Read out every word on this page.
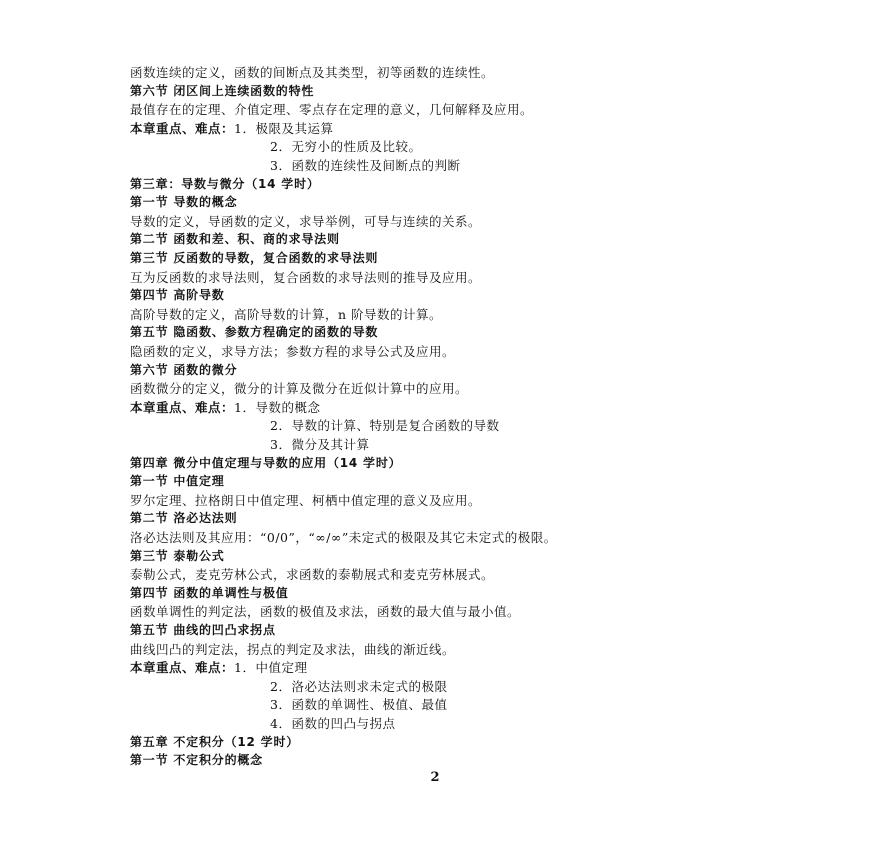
函数连续的定义，函数的间断点及其类型，初等函数的连续性。
第六节 闭区间上连续函数的特性
最值存在的定理、介值定理、零点存在定理的意义，几何解释及应用。
本章重点、难点：1．极限及其运算
2．无穷小的性质及比较。
3．函数的连续性及间断点的判断
第三章：导数与微分（14 学时）
第一节 导数的概念
导数的定义，导函数的定义，求导举例，可导与连续的关系。
第二节 函数和差、积、商的求导法则
第三节 反函数的导数，复合函数的求导法则
互为反函数的求导法则，复合函数的求导法则的推导及应用。
第四节 高阶导数
高阶导数的定义，高阶导数的计算，n 阶导数的计算。
第五节 隐函数、参数方程确定的函数的导数
隐函数的定义，求导方法；参数方程的求导公式及应用。
第六节 函数的微分
函数微分的定义，微分的计算及微分在近似计算中的应用。
本章重点、难点：1．导数的概念
2．导数的计算、特别是复合函数的导数
3．微分及其计算
第四章 微分中值定理与导数的应用（14 学时）
第一节 中值定理
罗尔定理、拉格朗日中值定理、柯栖中值定理的意义及应用。
第二节 洛必达法则
洛必达法则及其应用：“0/0”，“∞/∞”未定式的极限及其它未定式的极限。
第三节 泰勒公式
泰勒公式，麦克劳林公式，求函数的泰勒展式和麦克劳林展式。
第四节 函数的单调性与极值
函数单调性的判定法，函数的极值及求法，函数的最大值与最小值。
第五节 曲线的凹凸求拐点
曲线凹凸的判定法，拐点的判定及求法，曲线的渐近线。
本章重点、难点：1．中值定理
2．洛必达法则求未定式的极限
3．函数的单调性、极值、最值
4．函数的凹凸与拐点
第五章 不定积分（12 学时）
第一节 不定积分的概念
2
